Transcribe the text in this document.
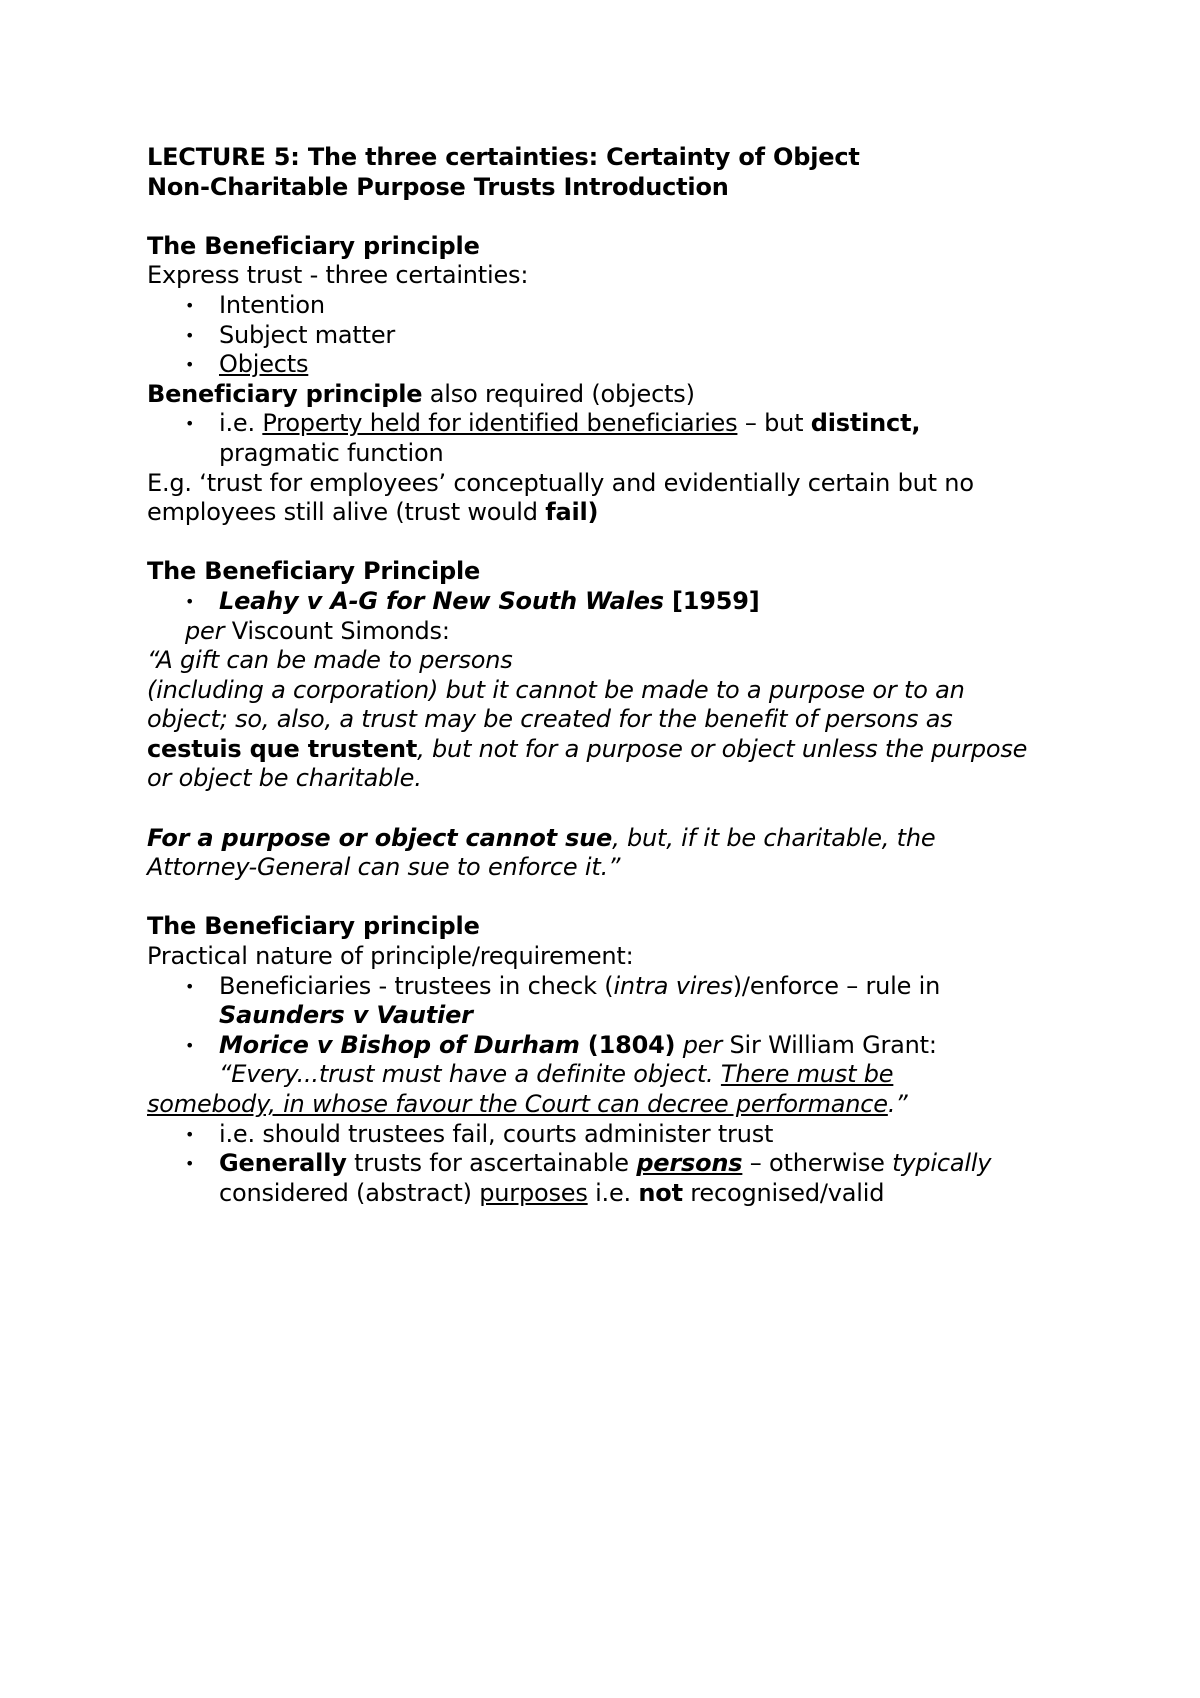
LECTURE 5: The three certainties: Certainty of Object
Non-Charitable Purpose Trusts Introduction
The Beneficiary principle
Express trust - three certainties:
• Intention
• Subject matter
• Objects
Beneficiary principle also required (objects)
• i.e. Property held for identified beneficiaries – but distinct,
pragmatic function
E.g. ‘trust for employees’ conceptually and evidentially certain but no
employees still alive (trust would fail)
The Beneficiary Principle
• Leahy v A-G for New South Wales [1959]
per Viscount Simonds:
“A gift can be made to persons
(including a corporation) but it cannot be made to a purpose or to an
object; so, also, a trust may be created for the benefit of persons as
cestuis que trustent, but not for a purpose or object unless the purpose
or object be charitable.
For a purpose or object cannot sue, but, if it be charitable, the
Attorney-General can sue to enforce it.”
The Beneficiary principle
Practical nature of principle/requirement:
• Beneficiaries - trustees in check (intra vires)/enforce – rule in
Saunders v Vautier
• Morice v Bishop of Durham (1804) per Sir William Grant:
“Every...trust must have a definite object. There must be
somebody, in whose favour the Court can decree performance.”
• i.e. should trustees fail, courts administer trust
• Generally trusts for ascertainable persons – otherwise typically
considered (abstract) purposes i.e. not recognised/valid
